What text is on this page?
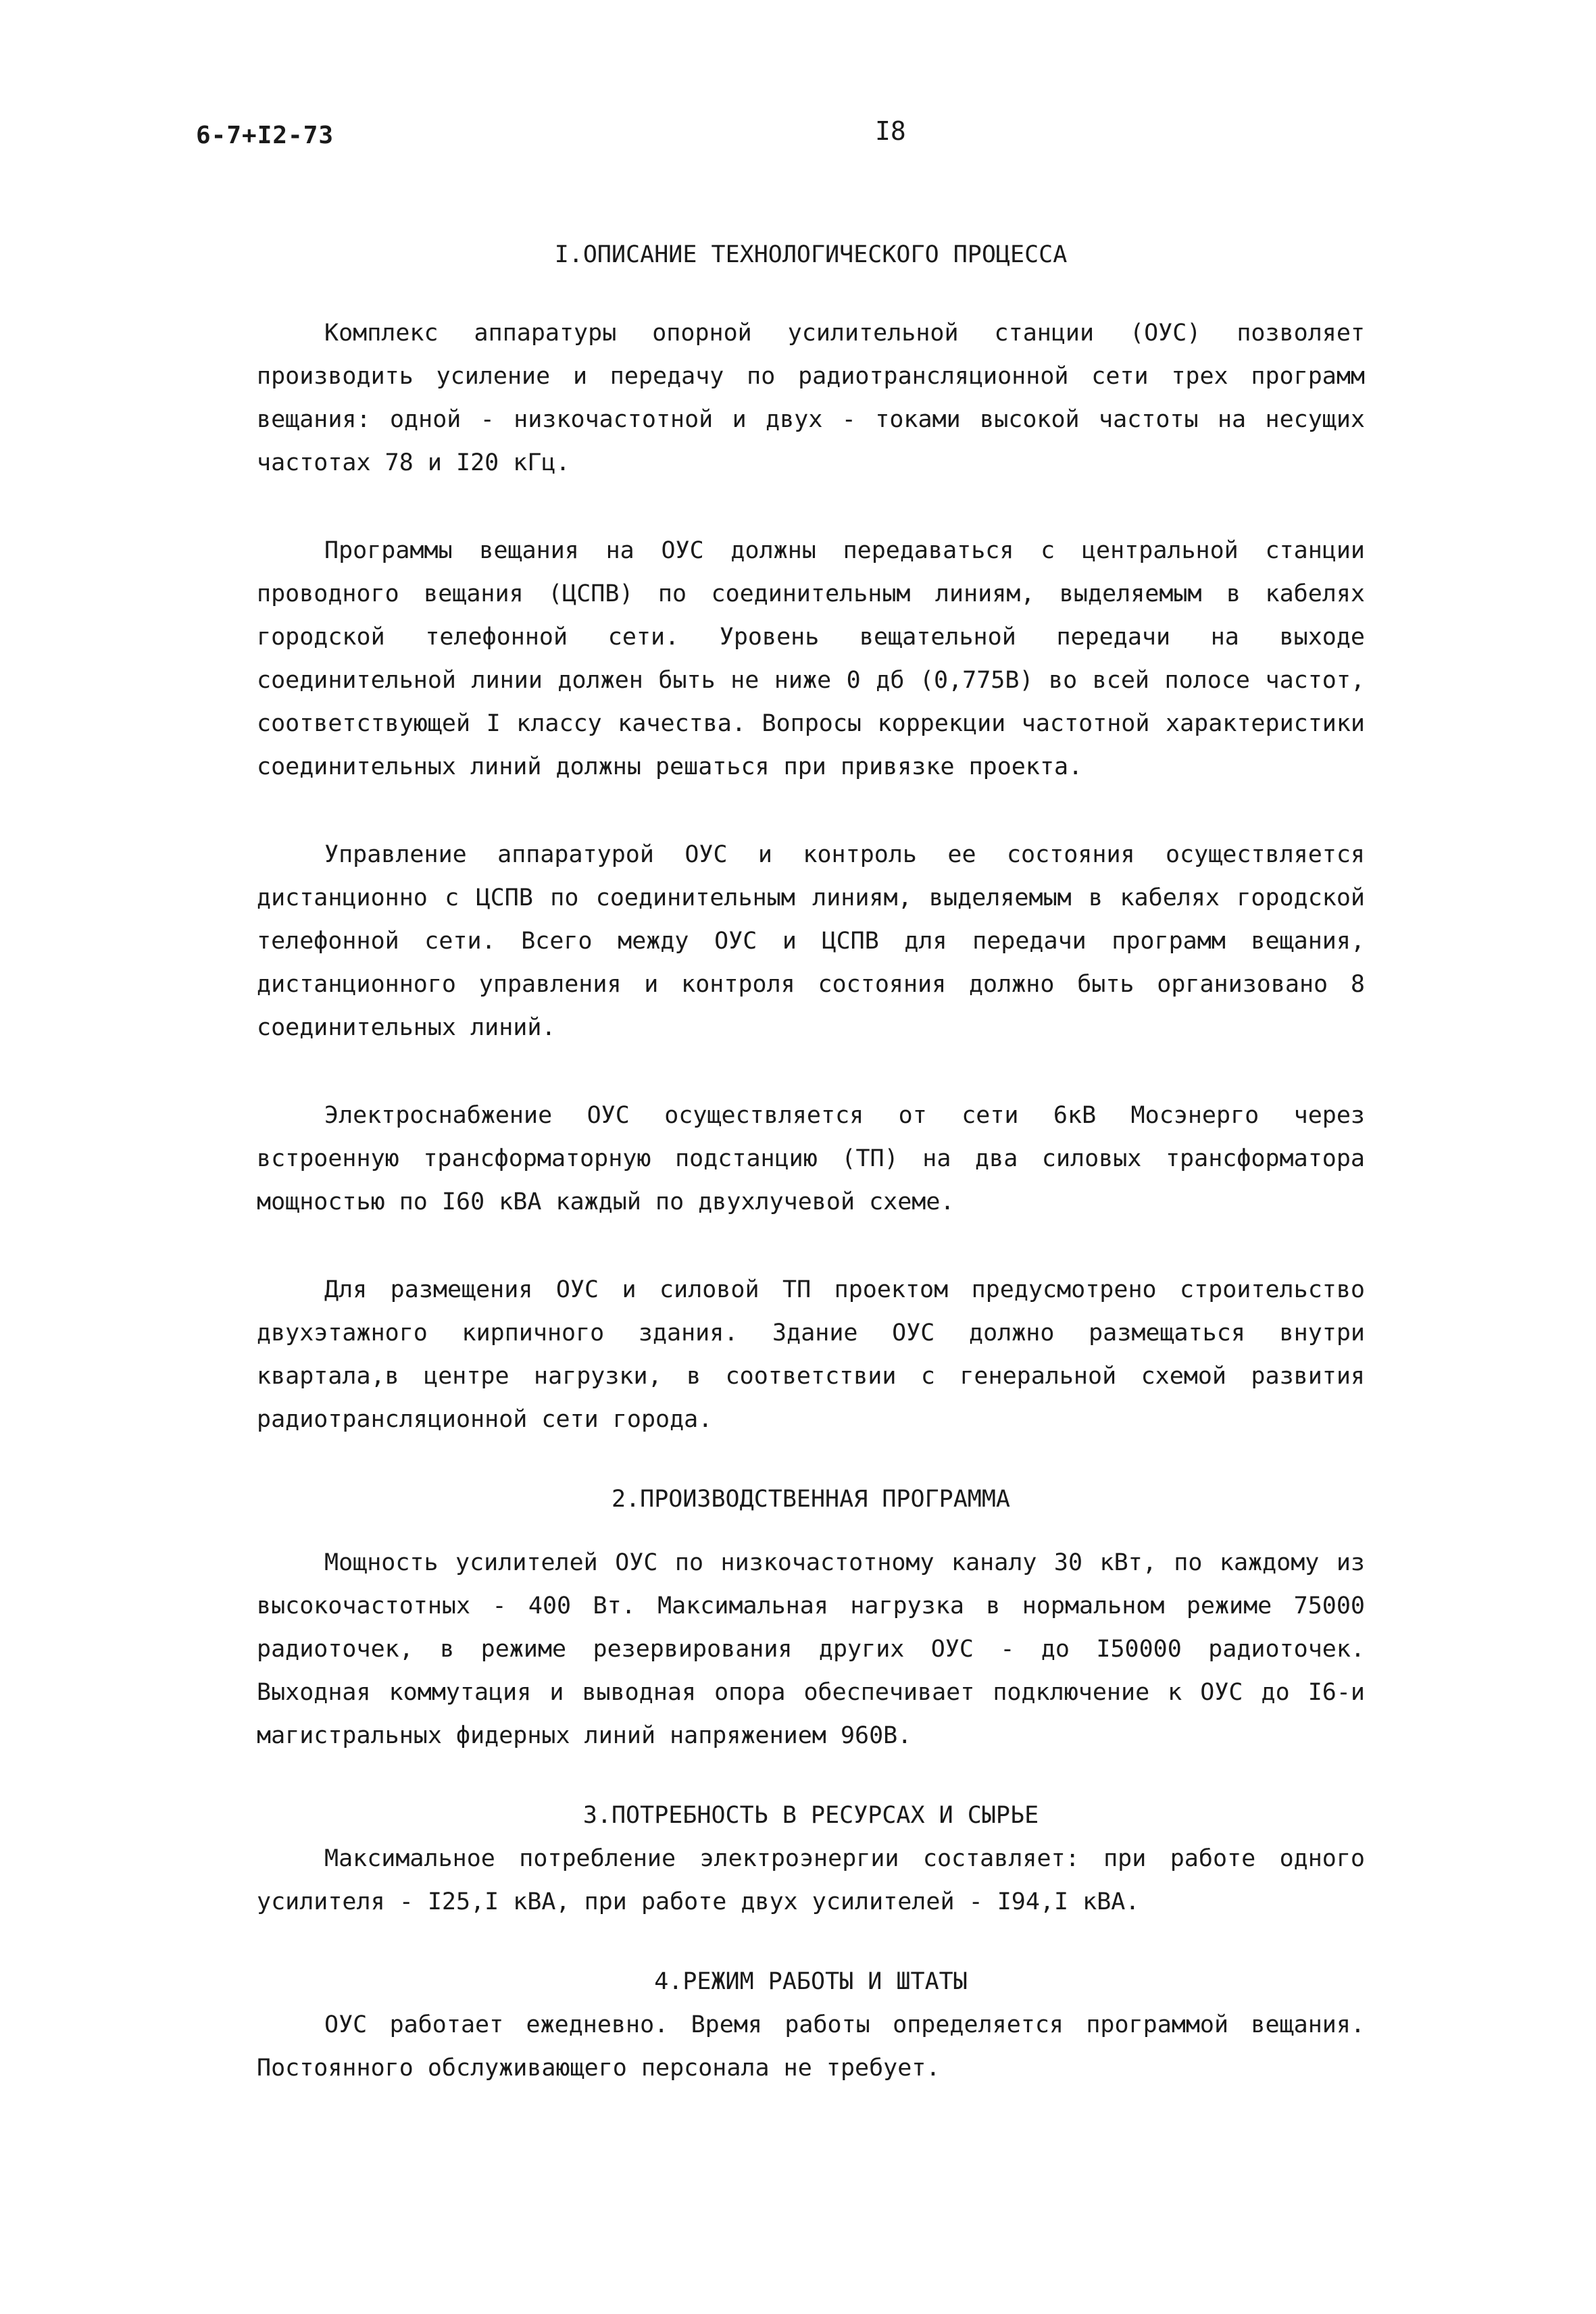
6-7+I2-73	I8
I.ОПИСАНИЕ ТЕХНОЛОГИЧЕСКОГО ПРОЦЕССА

Комплекс аппаратуры опорной усилительной станции (ОУС) позволяет производить усиление и передачу по радиотрансляционной сети трех программ вещания: одной - низкочастотной и двух - токами высокой частоты на несущих частотах 78 и I20 кГц.

Программы вещания на ОУС должны передаваться с центральной станции проводного вещания (ЦСПВ) по соединительным линиям, выделяемым в кабелях городской телефонной сети. Уровень вещательной передачи на выходе соединительной линии должен быть не ниже 0 дб (0,775В) во всей полосе частот, соответствующей I классу качества. Вопросы коррекции частотной характеристики соединительных линий должны решаться при привязке проекта.

Управление аппаратурой ОУС и контроль ее состояния осуществляется дистанционно с ЦСПВ по соединительным линиям, выделяемым в кабелях городской телефонной сети. Всего между ОУС и ЦСПВ для передачи программ вещания, дистанционного управления и контроля состояния должно быть организовано 8 соединительных линий.

Электроснабжение ОУС осуществляется от сети 6кВ Мосэнерго через встроенную трансформаторную подстанцию (ТП) на два силовых трансформатора мощностью по I60 кВА каждый по двухлучевой схеме.

Для размещения ОУС и силовой ТП проектом предусмотрено строительство двухэтажного кирпичного здания. Здание ОУС должно размещаться внутри квартала,в центре нагрузки, в соответствии с генеральной схемой развития радиотрансляционной сети города.

2.ПРОИЗВОДСТВЕННАЯ ПРОГРАММА

Мощность усилителей ОУС по низкочастотному каналу 30 кВт, по каждому из высокочастотных - 400 Вт. Максимальная нагрузка в нормальном режиме 75000 радиоточек, в режиме резервирования других ОУС - до I50000 радиоточек. Выходная коммутация и выводная опора обеспечивает подключение к ОУС до I6-и магистральных фидерных линий напряжением 960В.

3.ПОТРЕБНОСТЬ В РЕСУРСАХ И СЫРЬЕ

Максимальное потребление электроэнергии составляет: при работе одного усилителя - I25,I кВА, при работе двух усилителей - I94,I кВА.

4.РЕЖИМ РАБОТЫ И ШТАТЫ

ОУС работает ежедневно. Время работы определяется программой вещания. Постоянного обслуживающего персонала не требует.
